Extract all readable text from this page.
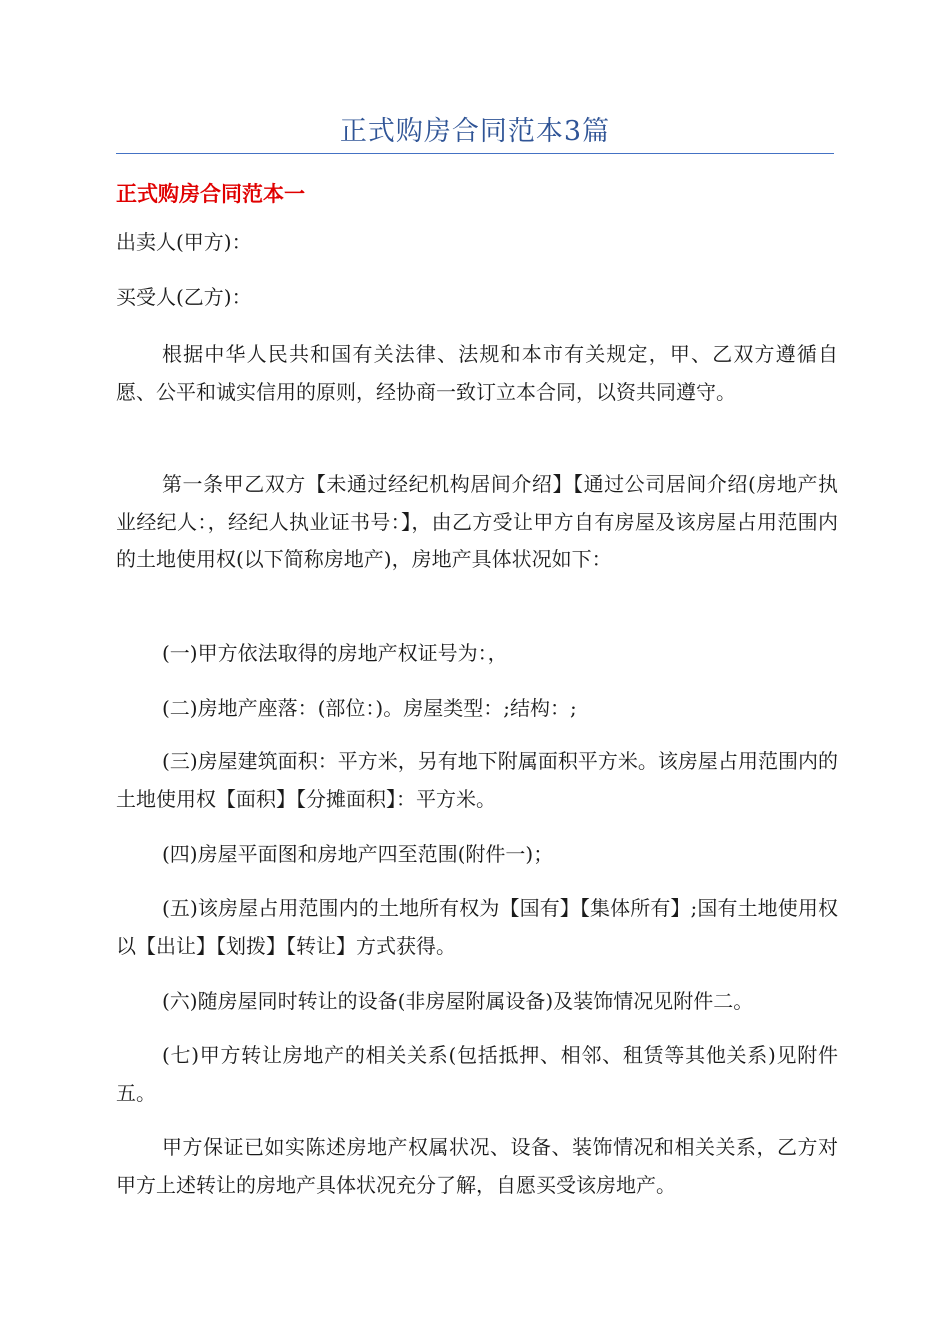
正式购房合同范本3篇
正式购房合同范本一

出卖人(甲方)：

买受人(乙方)：

根据中华人民共和国有关法律、法规和本市有关规定，甲、乙双方遵循自愿、公平和诚实信用的原则，经协商一致订立本合同，以资共同遵守。

第一条甲乙双方【未通过经纪机构居间介绍】【通过公司居间介绍(房地产执业经纪人：，经纪人执业证书号：】，由乙方受让甲方自有房屋及该房屋占用范围内的土地使用权(以下简称房地产)，房地产具体状况如下：

(一)甲方依法取得的房地产权证号为：，

(二)房地产座落：(部位：)。房屋类型：;结构：;

(三)房屋建筑面积：平方米，另有地下附属面积平方米。该房屋占用范围内的土地使用权【面积】【分摊面积】：平方米。

(四)房屋平面图和房地产四至范围(附件一)；

(五)该房屋占用范围内的土地所有权为【国有】【集体所有】;国有土地使用权以【出让】【划拨】【转让】方式获得。

(六)随房屋同时转让的设备(非房屋附属设备)及装饰情况见附件二。

(七)甲方转让房地产的相关关系(包括抵押、相邻、租赁等其他关系)见附件五。

甲方保证已如实陈述房地产权属状况、设备、装饰情况和相关关系，乙方对甲方上述转让的房地产具体状况充分了解，自愿买受该房地产。
